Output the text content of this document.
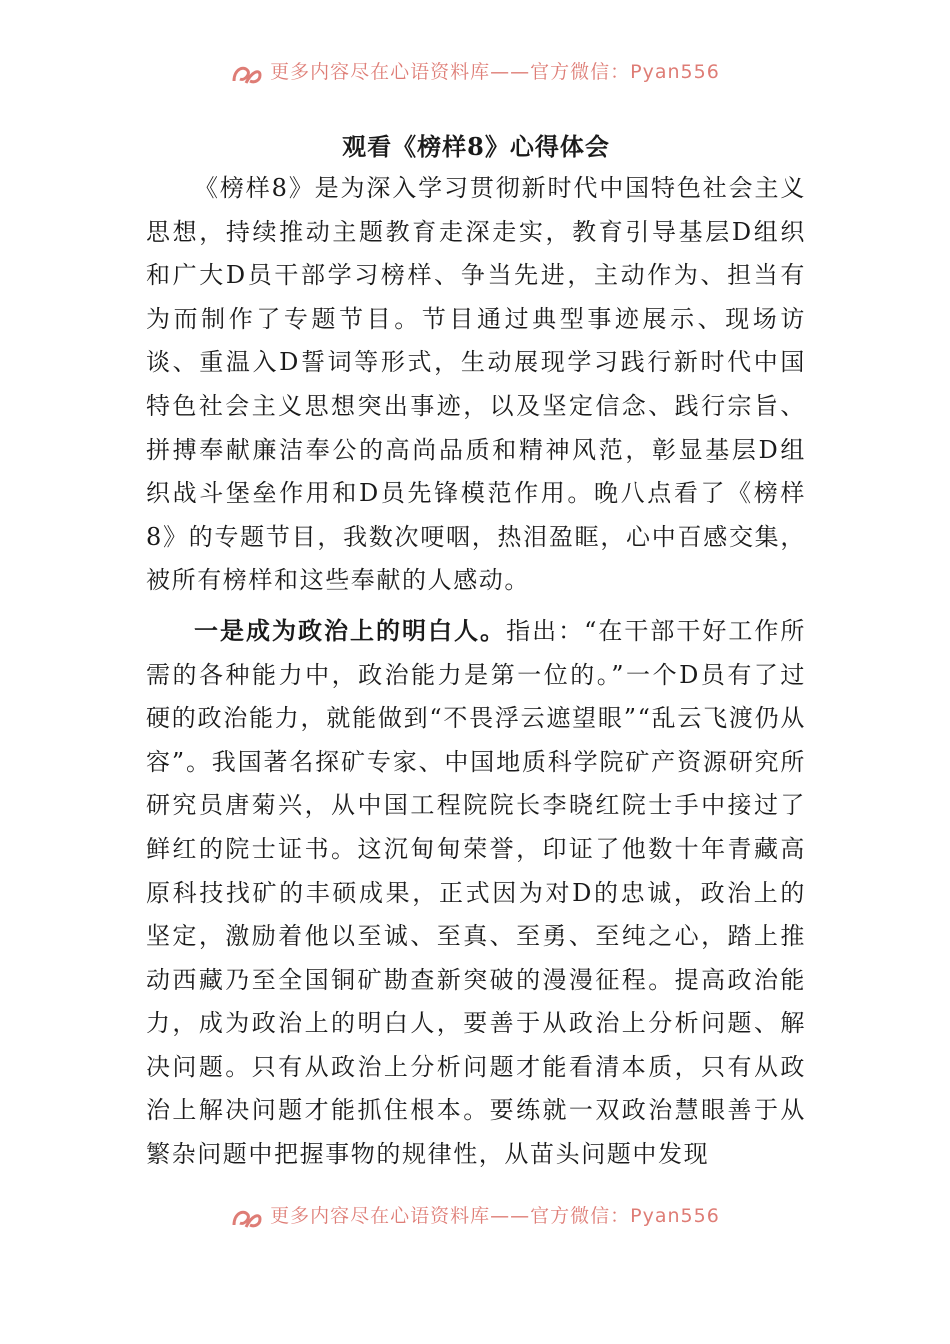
更多内容尽在心语资料库——官方微信：Pyan556
观看《榜样8》心得体会

《榜样8》是为深入学习贯彻新时代中国特色社会主义思想，持续推动主题教育走深走实，教育引导基层D组织和广大D员干部学习榜样、争当先进，主动作为、担当有为而制作了专题节目。节目通过典型事迹展示、现场访谈、重温入D誓词等形式，生动展现学习践行新时代中国特色社会主义思想突出事迹，以及坚定信念、践行宗旨、拼搏奉献廉洁奉公的高尚品质和精神风范，彰显基层D组织战斗堡垒作用和D员先锋模范作用。晚八点看了《榜样8》的专题节目，我数次哽咽，热泪盈眶，心中百感交集，被所有榜样和这些奉献的人感动。

一是成为政治上的明白人。指出：“在干部干好工作所需的各种能力中，政治能力是第一位的。”一个D员有了过硬的政治能力，就能做到“不畏浮云遮望眼”“乱云飞渡仍从容”。我国著名探矿专家、中国地质科学院矿产资源研究所研究员唐菊兴，从中国工程院院长李晓红院士手中接过了鲜红的院士证书。这沉甸甸荣誉，印证了他数十年青藏高原科技找矿的丰硕成果，正式因为对D的忠诚，政治上的坚定，激励着他以至诚、至真、至勇、至纯之心，踏上推动西藏乃至全国铜矿勘查新突破的漫漫征程。提高政治能力，成为政治上的明白人，要善于从政治上分析问题、解决问题。只有从政治上分析问题才能看清本质，只有从政治上解决问题才能抓住根本。要练就一双政治慧眼善于从繁杂问题中把握事物的规律性，从苗头问题中发现

更多内容尽在心语资料库——官方微信：Pyan556
